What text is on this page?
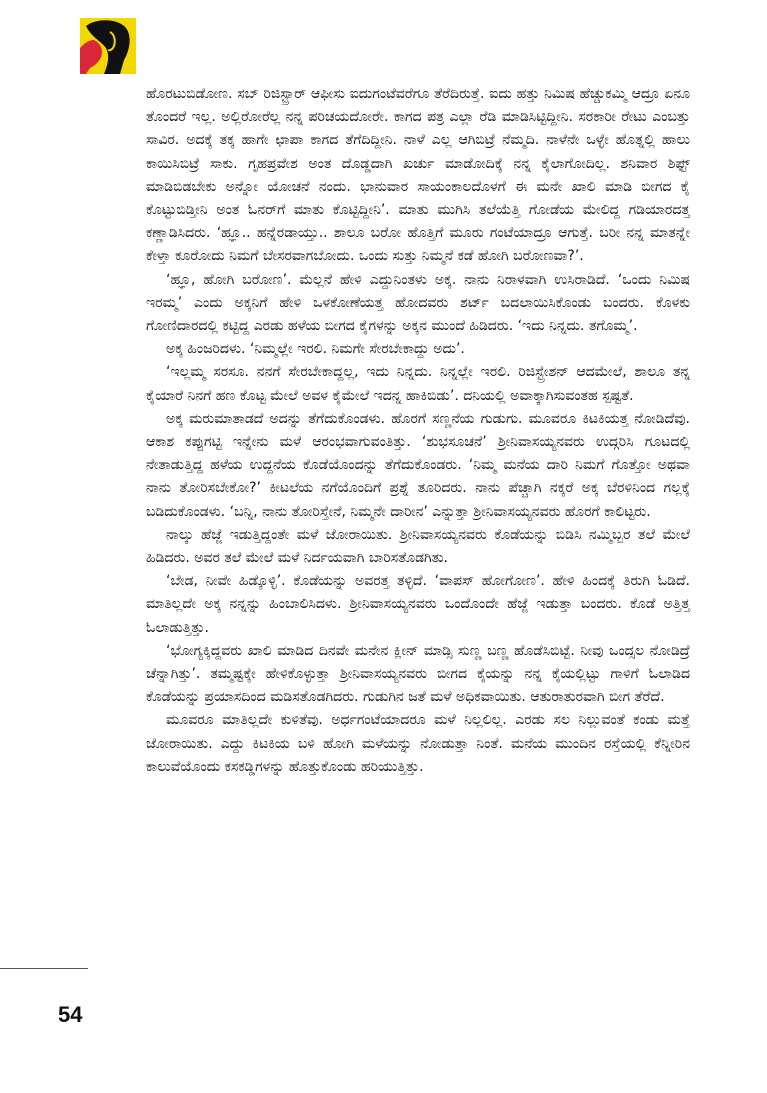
ಹೊರಟುಬಿಡೋಣ. ಸಬ್ ರಿಜಿಸ್ಟ್ರಾರ್ ಆಫೀಸು ಐದುಗಂಟೆವರೆಗೂ ತೆರೆದಿರುತ್ತೆ. ಐದು ಹತ್ತು ನಿಮಿಷ ಹೆಚ್ಚುಕಮ್ಮಿ ಆದ್ರೂ ಏನೂ ತೊಂದರೆ ಇಲ್ಲ. ಅಲ್ಲಿರೋರೆಲ್ಲ ನನ್ನ ಪರಿಚಯದೋರೇ. ಕಾಗದ ಪತ್ರ ಎಲ್ಲಾ ರೆಡಿ ಮಾಡಿಸಿಟ್ಟಿದ್ದೀನಿ. ಸರಕಾರೀ ರೇಟು ಎಂಬತ್ತು ಸಾವಿರ. ಅದಕ್ಕೆ ತಕ್ಕ ಹಾಗೇ ಛಾಪಾ ಕಾಗದ ತೆಗೆದಿದ್ದೀನಿ. ನಾಳೆ ಎಲ್ಲ ಆಗಿಬಿಟ್ರೆ ನೆಮ್ಮದಿ. ನಾಳೆನೇ ಒಳ್ಳೇ ಹೊತ್ನಲ್ಲಿ ಹಾಲು ಕಾಯಿಸಿಬಿಟ್ರೆ ಸಾಕು. ಗೃಹಪ್ರವೇಶ ಅಂತ ದೊಡ್ಡದಾಗಿ ಖರ್ಚು ಮಾಡೋದಿಕ್ಕೆ ನನ್ನ ಕೈಲಾಗೋದಿಲ್ಲ. ಶನಿವಾರ ಶಿಫ್ಟ್ ಮಾಡಿಬಿಡಬೇಕು ಅನ್ನೋ ಯೋಚನೆ ನಂದು. ಭಾನುವಾರ ಸಾಯಂಕಾಲದೊಳಗೆ ಈ ಮನೇ ಖಾಲಿ ಮಾಡಿ ಬೀಗದ ಕೈ ಕೊಟ್ಟುಬಿಡ್ತೀನಿ ಅಂತ ಓನರ್‌ಗೆ ಮಾತು ಕೊಟ್ಟಿದ್ದೀನಿ’. ಮಾತು ಮುಗಿಸಿ ತಲೆಯೆತ್ತಿ ಗೋಡೆಯ ಮೇಲಿದ್ದ ಗಡಿಯಾರದತ್ತ ಕಣ್ಣಾಡಿಸಿದರು. ‘ಹ್ಞೂ.. ಹನ್ನೆರಡಾಯ್ತು.. ಶಾಲೂ ಬರೋ ಹೊತ್ತಿಗೆ ಮೂರು ಗಂಟೆಯಾದ್ರೂ ಆಗುತ್ತೆ. ಬರೀ ನನ್ನ ಮಾತನ್ನೇ ಕೇಳ್ತಾ ಕೂರೋದು ನಿಮಗೆ ಬೇಸರವಾಗಬೋದು. ಒಂದು ಸುತ್ತು ನಿಮ್ಮನೆ ಕಡೆ ಹೋಗಿ ಬರೋಣವಾ?’.

‘ಹ್ಞೂ, ಹೋಗಿ ಬರೋಣ’. ಮೆಲ್ಲನೆ ಹೇಳಿ ಎದ್ದುನಿಂತಳು ಅಕ್ಕ. ನಾನು ನಿರಾಳವಾಗಿ ಉಸಿರಾಡಿದೆ. ‘ಒಂದು ನಿಮಿಷ ಇರಮ್ಮ’ ಎಂದು ಅಕ್ಕನಿಗೆ ಹೇಳಿ ಒಳಕೋಣೆಯತ್ತ ಹೋದವರು ಶರ್ಟ್ ಬದಲಾಯಿಸಿಕೊಂಡು ಬಂದರು. ಕೊಳಕು ಗೋಣಿದಾರದಲ್ಲಿ ಕಟ್ಟಿದ್ದ ಎರಡು ಹಳೆಯ ಬೀಗದ ಕೈಗಳನ್ನು ಅಕ್ಕನ ಮುಂದೆ ಹಿಡಿದರು. ‘ಇದು ನಿನ್ನದು. ತಗೊಮ್ಮ’.

ಅಕ್ಕ ಹಿಂಜರಿದಳು. ‘ನಿಮ್ಮಲ್ಲೇ ಇರಲಿ. ನಿಮಗೇ ಸೇರಬೇಕಾದ್ದು ಅದು’.

‘ಇಲ್ಲಮ್ಮ ಸರಸೂ. ನನಗೆ ಸೇರಬೇಕಾದ್ದಲ್ಲ, ಇದು ನಿನ್ನದು. ನಿನ್ನಲ್ಲೇ ಇರಲಿ. ರಿಜಿಸ್ಟ್ರೇಶನ್ ಆದಮೇಲೆ, ಶಾಲೂ ತನ್ನ ಕೈಯಾರೆ ನಿನಗೆ ಹಣ ಕೊಟ್ಟ ಮೇಲೆ ಅವಳ ಕೈಮೇಲೆ ಇದನ್ನ ಹಾಕಿಬಿಡು’. ದನಿಯಲ್ಲಿ ಅವಾಕ್ಕಾಗಿಸುವಂತಹ ಸ್ಪಷ್ಟತೆ.

ಅಕ್ಕ ಮರುಮಾತಾಡದೆ ಅದನ್ನು ತೆಗೆದುಕೊಂಡಳು. ಹೊರಗೆ ಸಣ್ಣನೆಯ ಗುಡುಗು. ಮೂವರೂ ಕಿಟಕಿಯತ್ತ ನೋಡಿದೆವು. ಆಕಾಶ ಕಪ್ಪುಗಟ್ಟಿ ಇನ್ನೇನು ಮಳೆ ಆರಂಭವಾಗುವಂತಿತ್ತು. ‘ಶುಭಸೂಚನೆ’ ಶ್ರೀನಿವಾಸಯ್ಯನವರು ಉದ್ಗರಿಸಿ ಗೂಟದಲ್ಲಿ ನೇತಾಡುತ್ತಿದ್ದ ಹಳೆಯ ಉದ್ದನೆಯ ಕೊಡೆಯೊಂದನ್ನು ತೆಗೆದುಕೊಂಡರು. ‘ನಿಮ್ಮ ಮನೆಯ ದಾರಿ ನಿಮಗೆ ಗೊತ್ತೋ ಅಥವಾ ನಾನು ತೋರಿಸಬೇಕೋ?’ ಕೀಟಲೆಯ ನಗೆಯೊಂದಿಗೆ ಪ್ರಶ್ನೆ ತೂರಿದರು. ನಾನು ಪೆಚ್ಚಾಗಿ ನಕ್ಕರೆ ಅಕ್ಕ ಬೆರಳಿನಿಂದ ಗಲ್ಲಕ್ಕೆ ಬಡಿದುಕೊಂಡಳು. ‘ಬನ್ನಿ, ನಾನು ತೋರಿಸ್ತೇನೆ, ನಿಮ್ಮನೇ ದಾರೀನ’ ಎನ್ನುತ್ತಾ ಶ್ರೀನಿವಾಸಯ್ಯನವರು ಹೊರಗೆ ಕಾಲಿಟ್ಟರು.

ನಾಲ್ಕು ಹೆಜ್ಜೆ ಇಡುತ್ತಿದ್ದಂತೇ ಮಳೆ ಜೋರಾಯಿತು. ಶ್ರೀನಿವಾಸಯ್ಯನವರು ಕೊಡೆಯನ್ನು ಬಿಡಿಸಿ ನಮ್ಮಿಬ್ಬರ ತಲೆ ಮೇಲೆ ಹಿಡಿದರು. ಅವರ ತಲೆ ಮೇಲೆ ಮಳೆ ನಿರ್ದಯವಾಗಿ ಬಾರಿಸತೊಡಗಿತು.

‘ಬೇಡ, ನೀವೇ ಹಿಡ್ಕೊಳ್ಳಿ’. ಕೊಡೆಯನ್ನು ಅವರತ್ತ ತಳ್ಳಿದೆ. ‘ವಾಪಸ್ ಹೋಗೋಣ’. ಹೇಳಿ ಹಿಂದಕ್ಕೆ ತಿರುಗಿ ಓಡಿದೆ. ಮಾತಿಲ್ಲದೇ ಅಕ್ಕ ನನ್ನನ್ನು ಹಿಂಬಾಲಿಸಿದಳು. ಶ್ರೀನಿವಾಸಯ್ಯನವರು ಒಂದೊಂದೇ ಹೆಜ್ಜೆ ಇಡುತ್ತಾ ಬಂದರು. ಕೊಡೆ ಅತ್ತಿತ್ತ ಓಲಾಡುತ್ತಿತ್ತು.

‘ಭೋಗ್ಯಕ್ಕಿದ್ದವರು ಖಾಲಿ ಮಾಡಿದ ದಿನವೇ ಮನೇನ ಕ್ಲೀನ್ ಮಾಡ್ಸಿ ಸುಣ್ಣ ಬಣ್ಣ ಹೊಡೆಸಿಬಿಟ್ಟೆ. ನೀವು ಒಂದ್ಸಲ ನೋಡಿದ್ರೆ ಚೆನ್ನಾಗಿತ್ತು’. ತಮ್ಮಷ್ಟಕ್ಕೇ ಹೇಳಿಕೊಳ್ಳುತ್ತಾ ಶ್ರೀನಿವಾಸಯ್ಯನವರು ಬೀಗದ ಕೈಯನ್ನು ನನ್ನ ಕೈಯಲ್ಲಿಟ್ಟು ಗಾಳಿಗೆ ಓಲಾಡಿದ ಕೊಡೆಯನ್ನು ಪ್ರಯಾಸದಿಂದ ಮಡಿಸತೊಡಗಿದರು. ಗುಡುಗಿನ ಜತೆ ಮಳೆ ಅಧಿಕವಾಯಿತು. ಆತುರಾತುರವಾಗಿ ಬೀಗ ತೆರೆದೆ.

ಮೂವರೂ ಮಾತಿಲ್ಲದೇ ಕುಳಿತೆವು. ಅರ್ಧಗಂಟೆಯಾದರೂ ಮಳೆ ನಿಲ್ಲಲಿಲ್ಲ. ಎರಡು ಸಲ ನಿಲ್ಲುವಂತೆ ಕಂಡು ಮತ್ತೆ ಜೋರಾಯಿತು. ಎದ್ದು ಕಿಟಕಿಯ ಬಳಿ ಹೋಗಿ ಮಳೆಯನ್ನು ನೋಡುತ್ತಾ ನಿಂತೆ. ಮನೆಯ ಮುಂದಿನ ರಸ್ತೆಯಲ್ಲಿ ಕೆನ್ನೀರಿನ ಕಾಲುವೆಯೊಂದು ಕಸಕಡ್ಡಿಗಳನ್ನು ಹೊತ್ತುಕೊಂಡು ಹರಿಯುತ್ತಿತ್ತು.

54
